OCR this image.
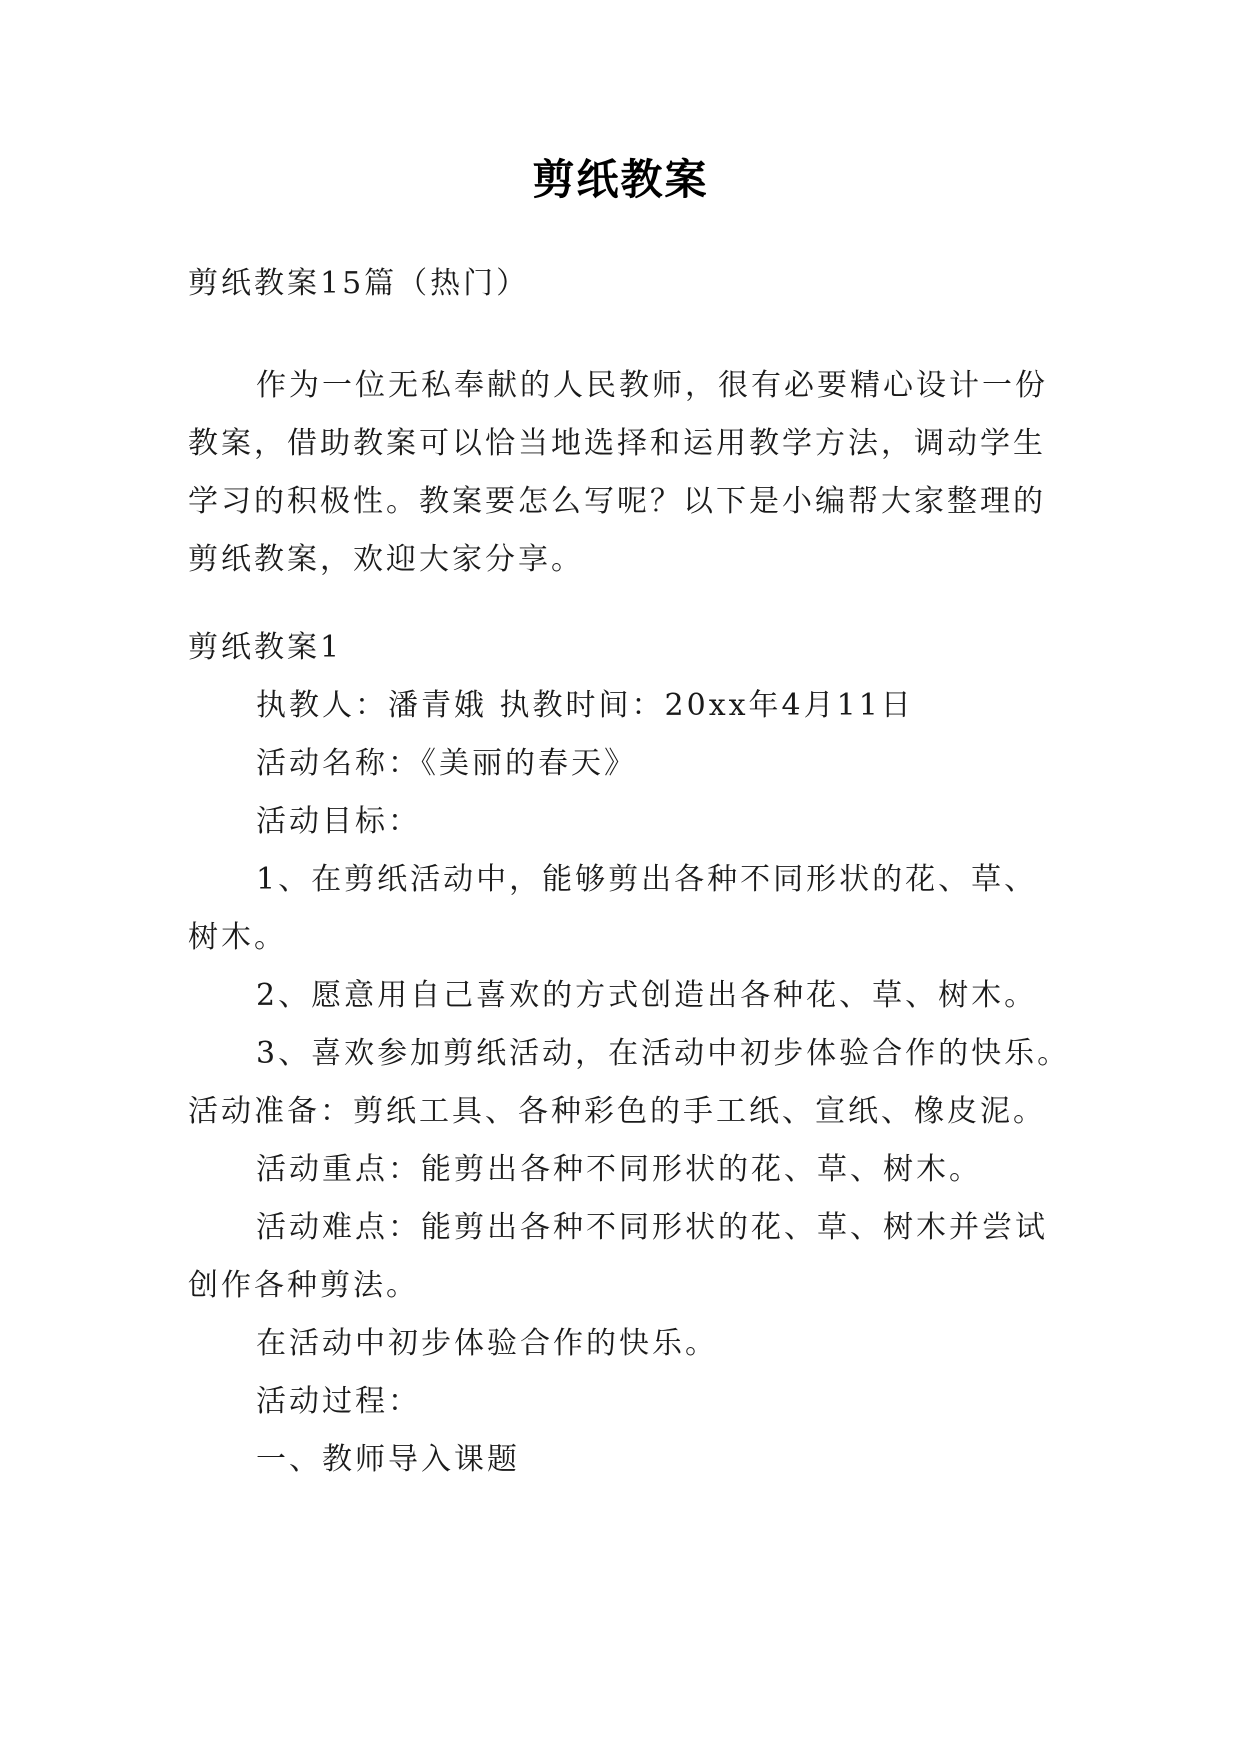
剪纸教案
剪纸教案15篇（热门）
作为一位无私奉献的人民教师，很有必要精心设计一份
教案，借助教案可以恰当地选择和运用教学方法，调动学生
学习的积极性。教案要怎么写呢？以下是小编帮大家整理的
剪纸教案，欢迎大家分享。
剪纸教案1
执教人：潘青娥 执教时间：20xx年4月11日
活动名称：《美丽的春天》
活动目标：
1、在剪纸活动中，能够剪出各种不同形状的花、草、
树木。
2、愿意用自己喜欢的方式创造出各种花、草、树木。
3、喜欢参加剪纸活动，在活动中初步体验合作的快乐。
活动准备：剪纸工具、各种彩色的手工纸、宣纸、橡皮泥。
活动重点：能剪出各种不同形状的花、草、树木。
活动难点：能剪出各种不同形状的花、草、树木并尝试
创作各种剪法。
在活动中初步体验合作的快乐。
活动过程：
一、教师导入课题
